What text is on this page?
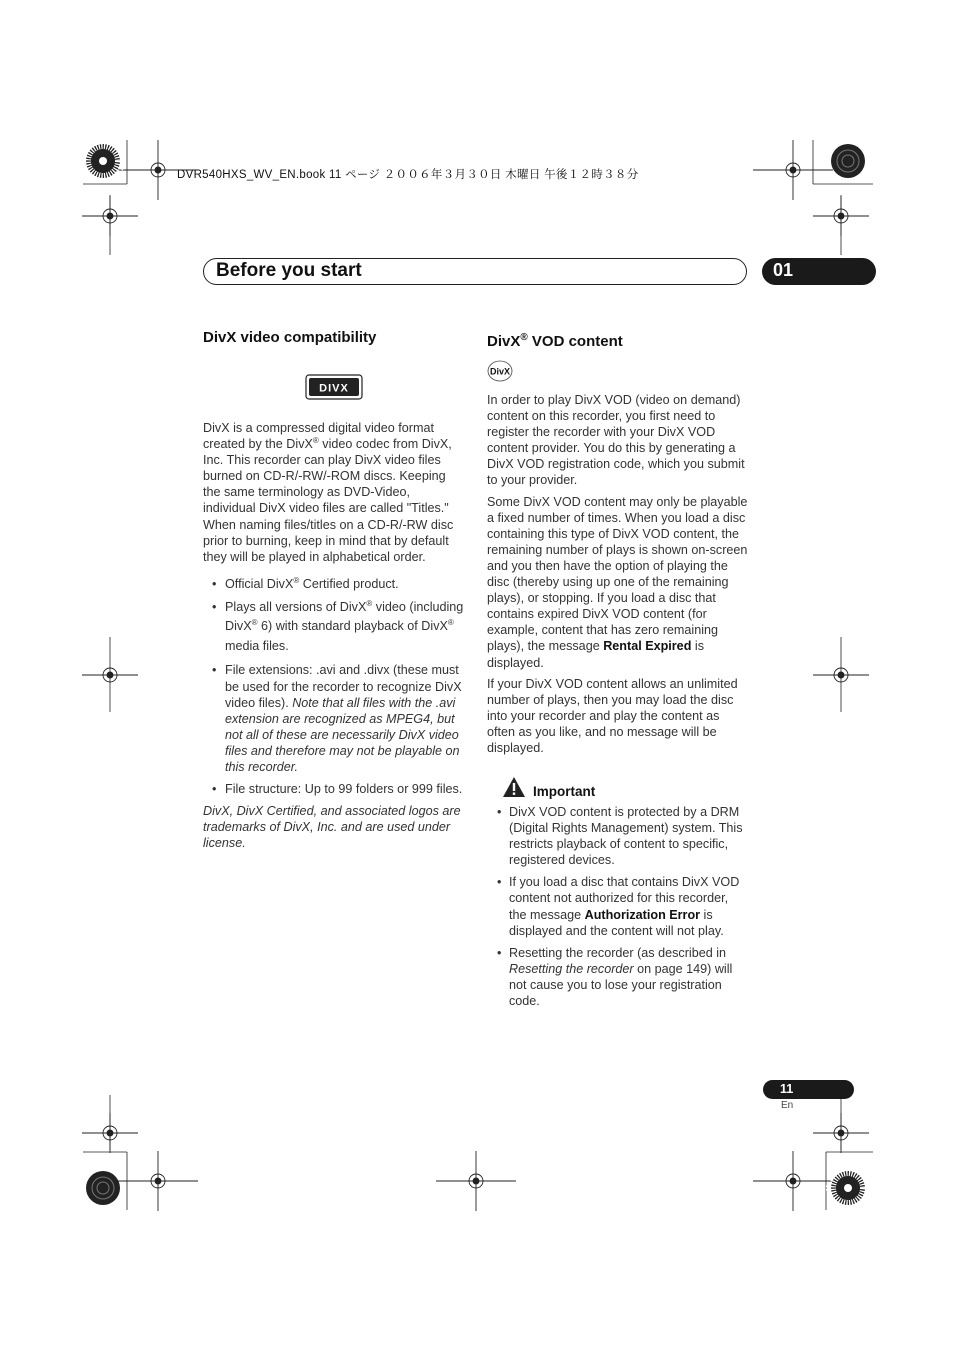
DVR540HXS_WV_EN.book 11 ページ ２００６年３月３０日 木曜日 午後１２時３８分
Before you start	01
DivX video compatibility
DIVX

DivX is a compressed digital video format created by the DivX® video codec from DivX, Inc. This recorder can play DivX video files burned on CD-R/-RW/-ROM discs. Keeping the same terminology as DVD-Video, individual DivX video files are called "Titles." When naming files/titles on a CD-R/-RW disc prior to burning, keep in mind that by default they will be played in alphabetical order.

• Official DivX® Certified product.
• Plays all versions of DivX® video (including DivX® 6) with standard playback of DivX® media files.
• File extensions: .avi and .divx (these must be used for the recorder to recognize DivX video files). Note that all files with the .avi extension are recognized as MPEG4, but not all of these are necessarily DivX video files and therefore may not be playable on this recorder.
• File structure: Up to 99 folders or 999 files.

DivX, DivX Certified, and associated logos are trademarks of DivX, Inc. and are used under license.

DivX® VOD content
DivX

In order to play DivX VOD (video on demand) content on this recorder, you first need to register the recorder with your DivX VOD content provider. You do this by generating a DivX VOD registration code, which you submit to your provider.

Some DivX VOD content may only be playable a fixed number of times. When you load a disc containing this type of DivX VOD content, the remaining number of plays is shown on-screen and you then have the option of playing the disc (thereby using up one of the remaining plays), or stopping. If you load a disc that contains expired DivX VOD content (for example, content that has zero remaining plays), the message Rental Expired is displayed.

If your DivX VOD content allows an unlimited number of plays, then you may load the disc into your recorder and play the content as often as you like, and no message will be displayed.

Important
• DivX VOD content is protected by a DRM (Digital Rights Management) system. This restricts playback of content to specific, registered devices.
• If you load a disc that contains DivX VOD content not authorized for this recorder, the message Authorization Error is displayed and the content will not play.
• Resetting the recorder (as described in Resetting the recorder on page 149) will not cause you to lose your registration code.
11
En
